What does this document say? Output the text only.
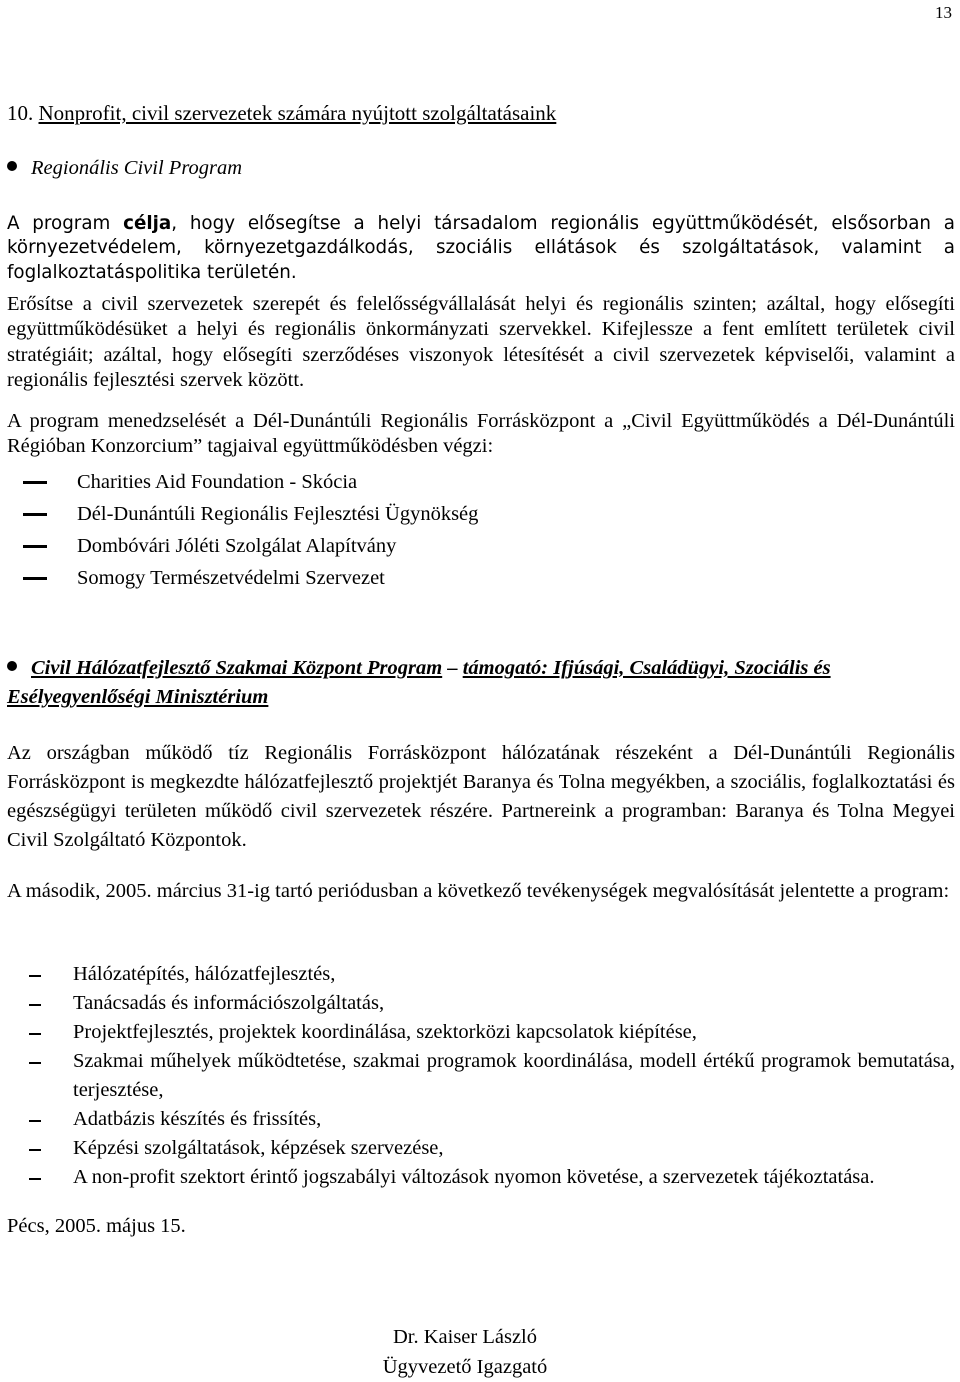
13
10. Nonprofit, civil szervezetek számára nyújtott szolgáltatásaink
Regionális Civil Program
A program célja, hogy elősegítse a helyi társadalom regionális együttműködését, elsősorban a környezetvédelem, környezetgazdálkodás, szociális ellátások és szolgáltatások, valamint a foglalkoztatáspolitika területén.
Erősítse a civil szervezetek szerepét és felelősségvállalását helyi és regionális szinten; azáltal, hogy elősegíti együttműködésüket a helyi és regionális önkormányzati szervekkel. Kifejlessze a fent említett területek civil stratégiáit; azáltal, hogy elősegíti szerződéses viszonyok létesítését a civil szervezetek képviselői, valamint a regionális fejlesztési szervek között.
A program menedzselését a Dél-Dunántúli Regionális Forrásközpont a „Civil Együttműködés a Dél-Dunántúli Régióban Konzorcium” tagjaival együttműködésben végzi:
Charities Aid Foundation - Skócia
Dél-Dunántúli Regionális Fejlesztési Ügynökség
Dombóvári Jóléti Szolgálat Alapítvány
Somogy Természetvédelmi Szervezet
Civil Hálózatfejlesztő Szakmai Központ Program – támogató: Ifjúsági, Családügyi, Szociális és Esélyegyenlőségi Minisztérium
Az országban működő tíz Regionális Forrásközpont hálózatának részeként a Dél-Dunántúli Regionális Forrásközpont is megkezdte hálózatfejlesztő projektjét Baranya és Tolna megyékben, a szociális, foglalkoztatási és egészségügyi területen működő civil szervezetek részére. Partnereink a programban: Baranya és Tolna Megyei Civil Szolgáltató Központok.
A második, 2005. március 31-ig tartó periódusban a következő tevékenységek megvalósítását jelentette a program:
Hálózatépítés, hálózatfejlesztés,
Tanácsadás és információszolgáltatás,
Projektfejlesztés, projektek koordinálása, szektorközi kapcsolatok kiépítése,
Szakmai műhelyek működtetése, szakmai programok koordinálása, modell értékű programok bemutatása, terjesztése,
Adatbázis készítés és frissítés,
Képzési szolgáltatások, képzések szervezése,
A non-profit szektort érintő jogszabályi változások nyomon követése, a szervezetek tájékoztatása.
Pécs, 2005. május 15.
Dr. Kaiser László
Ügyvezető Igazgató
